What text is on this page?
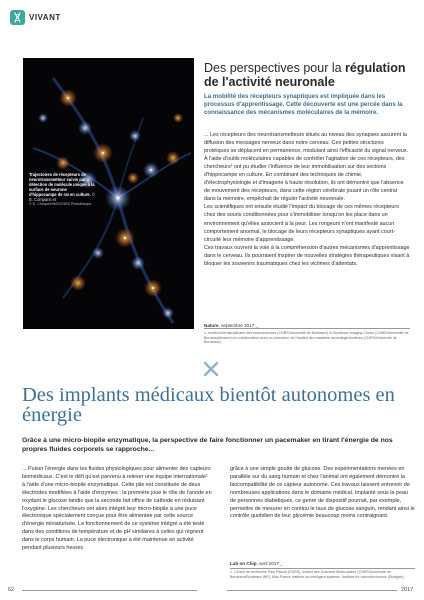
VIVANT
Trajectoires de récepteurs de neurotransmetteur suivis par détection de molécule unique à la surface de neurone d'hippocampe de rat en culture. © B. Compans et
© D. Choquet/IINS/CNRS Photothèque
Des perspectives pour la régulation de l'activité neuronale
La mobilité des récepteurs synaptiques est impliquée dans les processus d'apprentissage. Cette découverte est une percée dans la connaissance des mécanismes moléculaires de la mémoire.

... Les récepteurs des neurotransmetteurs situés au niveau des synapses assurent la diffusion des messages nerveux dans notre cerveau. Ces petites structures protéiques se déplacent en permanence, modulant ainsi l'efficacité du signal nerveux.

À l'aide d'outils moléculaires capables de contrôler l'agitation de ces récepteurs, des chercheurs¹ ont pu étudier l'influence de leur immobilisation sur des sections d'hippocampe en culture. En combinant des techniques de chimie, d'électrophysiologie et d'imagerie à haute résolution, ils ont démontré que l'absence de mouvement des récepteurs, dans cette région cérébrale jouant un rôle central dans la mémoire, empêchait de réguler l'activité neuronale.

Les scientifiques ont ensuite étudié l'impact du blocage de ces mêmes récepteurs chez des souris conditionnées pour s'immobiliser lorsqu'on les place dans un environnement qu'elles associent à la peur. Les rongeurs n'ont manifesté aucun comportement anormal, le blocage de leurs récepteurs synaptiques ayant court-circuité leur mémoire d'apprentissage.

Ces travaux ouvrent la voie à la compréhension d'autres mécanismes d'apprentissage dans le cerveau. Ils pourraient inspirer de nouvelles stratégies thérapeutiques visant à bloquer les souvenirs traumatiques chez les victimes d'attentats.

Nature, septembre 2017 _
1. Institut interdisciplinaire des neurosciences (CNRS/Université de Bordeaux) et Bordeaux Imaging Center (CNRS/Université de Bordeaux/Inserm) en collaboration avec un chercheur de l'Institut des maladies neurodégénératives (CNRS/Université de Bordeaux).
Des implants médicaux bientôt autonomes en énergie
Grâce à une micro-biopile enzymatique, la perspective de faire fonctionner un pacemaker en tirant l'énergie de nos propres fluides corporels se rapproche...

... Puiser l'énergie dans les fluides physiologiques pour alimenter des capteurs biomédicaux. C'est le défi qu'est parvenu à relever une équipe internationale¹ à l'aide d'une micro-biopile enzymatique. Cette pile est constituée de deux électrodes modifiées à l'aide d'enzymes : la première joue le rôle de l'anode en oxydant le glucose tandis que la seconde fait office de cathode en réduisant l'oxygène. Les chercheurs ont alors intégré leur micro-biopile à une puce électronique spécialement conçue pour être alimentée par cette source d'énergie miniaturisée. Le fonctionnement de ce système intégré a été testé dans des conditions de température et de pH similaires à celles qui règnent dans le corps humain. La puce électronique a été maintenue en activité pendant plusieurs heures

grâce à une simple goutte de glucose. Des expérimentations menées en parallèle sur du sang humain et chez l'animal ont également démontré la biocompatibilité de ce capteur autonome. Ces travaux laissent entrevoir de nombreuses applications dans le domaine médical. Implanté sous la peau de personnes diabétiques, ce genre de dispositif pourrait, par exemple, permettre de mesurer en continu le taux de glucose sanguin, rendant ainsi le contrôle quotidien de leur glycémie beaucoup moins contraignant.

Lab on Chip, avril 2017 _
1. Centre de recherche Paul Pascal (CNRS), Institut des Sciences Moléculaires (CNRS/Université de Bordeaux/Bordeaux INP), Max-Planck Institute for intelligent systems, Institute for microelectronics (Stuttgart).
62	2017
